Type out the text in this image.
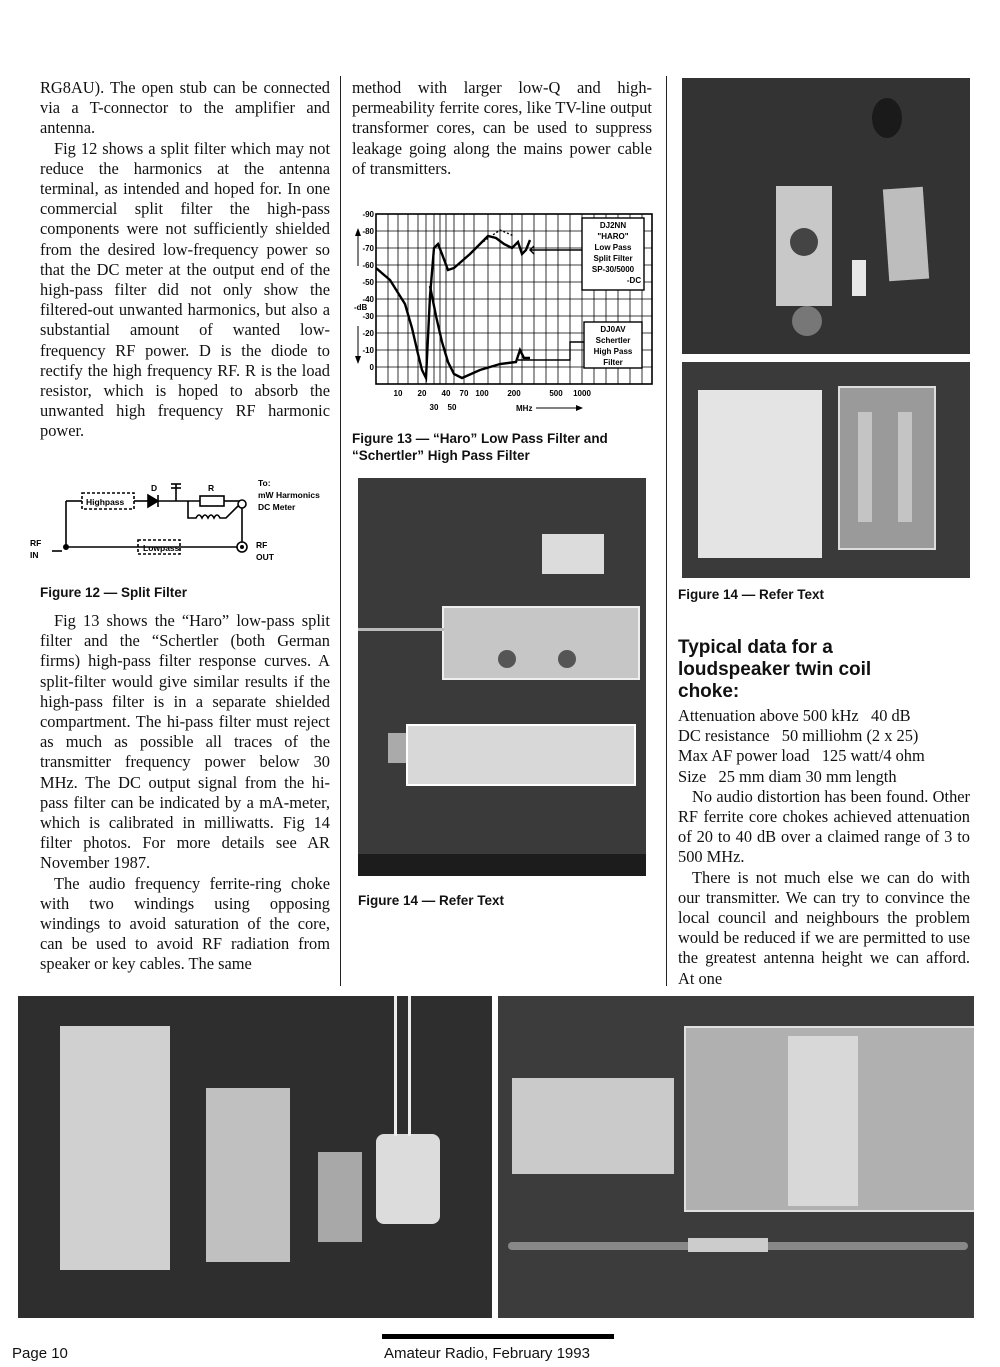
RG8AU). The open stub can be connected via a T-connector to the amplifier and antenna.

Fig 12 shows a split filter which may not reduce the harmonics at the antenna terminal, as intended and hoped for. In one commercial split filter the high-pass components were not sufficiently shielded from the desired low-frequency power so that the DC meter at the output end of the high-pass filter did not only show the filtered-out unwanted harmonics, but also a substantial amount of wanted low-frequency RF power. D is the diode to rectify the high frequency RF. R is the load resistor, which is hoped to absorb the unwanted high frequency RF harmonic power.

Highpass
Lowpass
D	R	To:
mW Harmonics
DC Meter
RF
IN
RF
OUT
Figure 12 — Split Filter

Fig 13 shows the “Haro” low-pass split filter and the “Schertler (both German firms) high-pass filter response curves. A split-filter would give similar results if the high-pass filter is in a separate shielded compartment. The hi-pass filter must reject as much as possible all traces of the transmitter frequency power below 30 MHz. The DC output signal from the hi-pass filter can be indicated by a mA-meter, which is calibrated in milliwatts. Fig 14 filter photos. For more details see AR November 1987.

The audio frequency ferrite-ring choke with two windings using opposing windings to avoid saturation of the core, can be used to avoid RF radiation from speaker or key cables. The same

method with larger low-Q and high-permeability ferrite cores, like TV-line output transformer cores, can be used to suppress leakage going along the mains power cable of transmitters.

DJ2NN
"HARO"
Low Pass
Split Filter
SP-30/5000
-DC
DJ0AV
Schertler
High Pass
Filter
-dB
-90
-80
-70
-60
-50
-40
-30
-20
-10
0
10 20 40 70 100 200	500 1000
30 50	MHz
Figure 13 — “Haro” Low Pass Filter and
“Schertler” High Pass Filter
Figure 14 — Refer Text
Figure 14 — Refer Text
Typical data for a loudspeaker twin coil choke:
Attenuation above 500 kHz   40 dB
DC resistance   50 milliohm (2 x 25)
Max AF power load   125 watt/4 ohm
Size   25 mm diam 30 mm length

No audio distortion has been found. Other RF ferrite core chokes achieved attenuation of 20 to 40 dB over a claimed range of 3 to 500 MHz.

There is not much else we can do with our transmitter. We can try to convince the local council and neighbours the problem would be reduced if we are permitted to use the greatest antenna height we can afford. At one

Page 10	Amateur Radio, February 1993
